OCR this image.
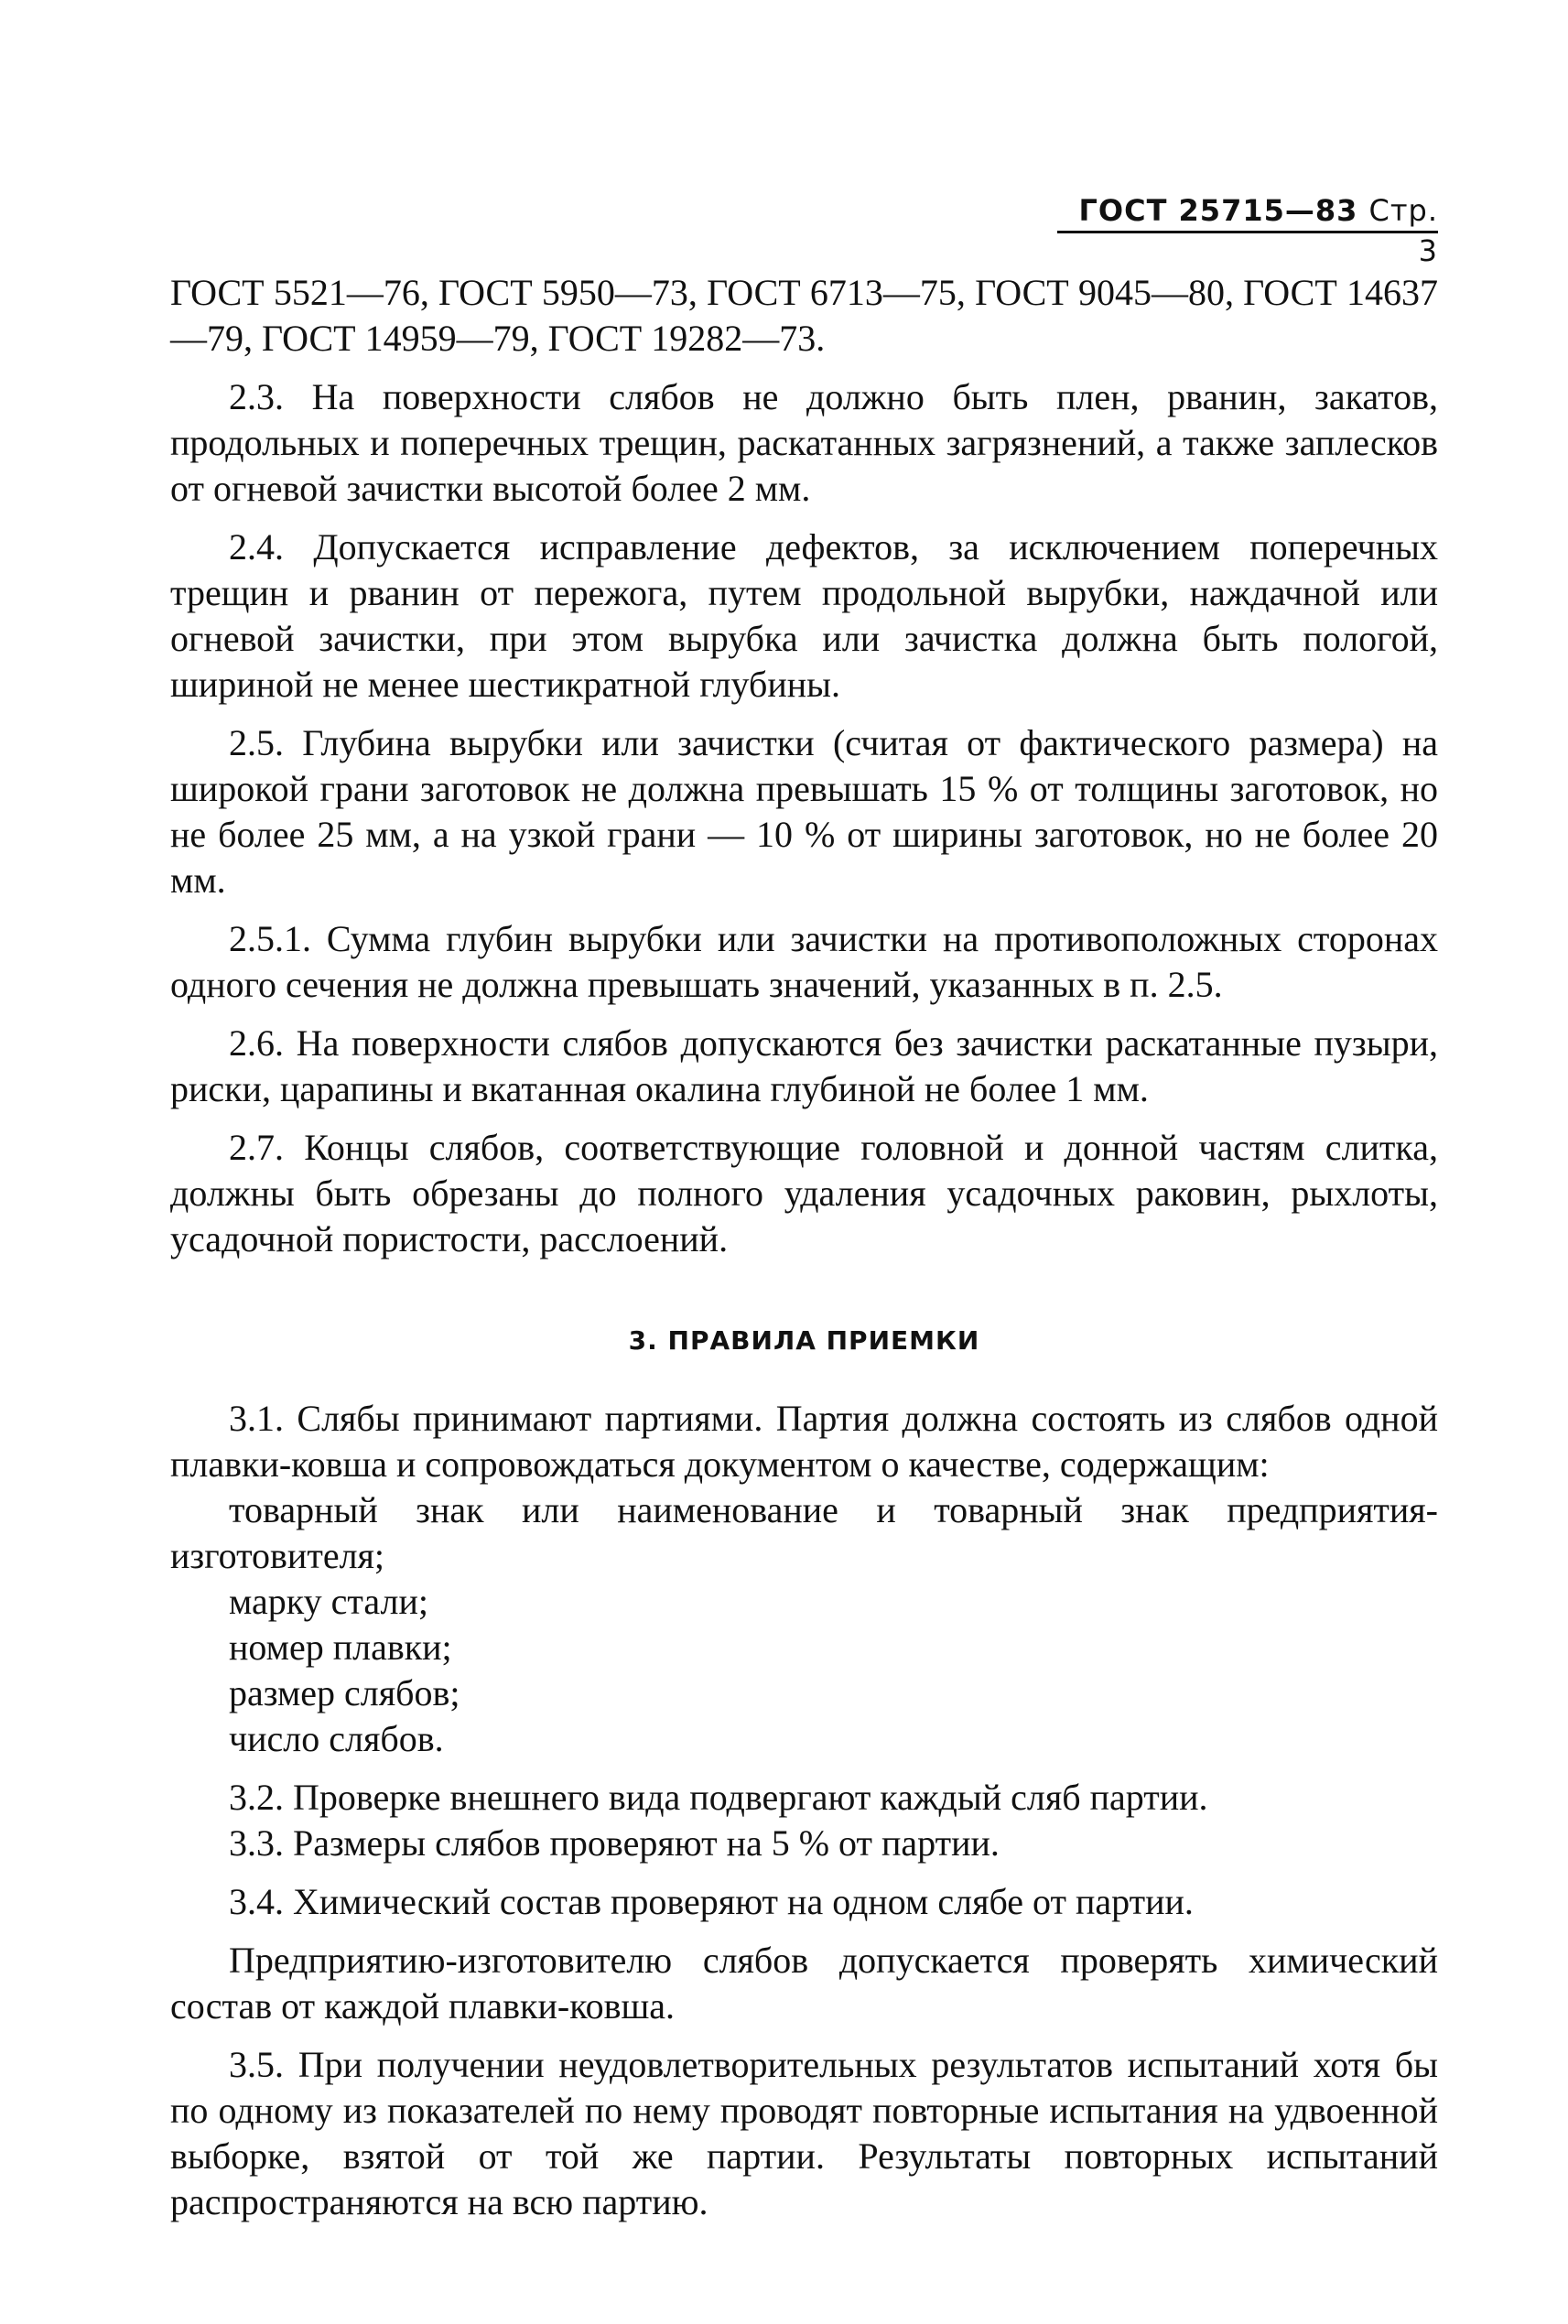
ГОСТ 25715—83 Стр. 3

ГОСТ 5521—76, ГОСТ 5950—73, ГОСТ 6713—75, ГОСТ 9045—80, ГОСТ 14637—79, ГОСТ 14959—79, ГОСТ 19282—73.

2.3. На поверхности слябов не должно быть плен, рванин, закатов, продольных и поперечных трещин, раскатанных загрязнений, а также заплесков от огневой зачистки высотой более 2 мм.

2.4. Допускается исправление дефектов, за исключением поперечных трещин и рванин от пережога, путем продольной вырубки, наждачной или огневой зачистки, при этом вырубка или зачистка должна быть пологой, шириной не менее шестикратной глубины.

2.5. Глубина вырубки или зачистки (считая от фактического размера) на широкой грани заготовок не должна превышать 15 % от толщины заготовок, но не более 25 мм, а на узкой грани — 10 % от ширины заготовок, но не более 20 мм.

2.5.1. Сумма глубин вырубки или зачистки на противоположных сторонах одного сечения не должна превышать значений, указанных в п. 2.5.

2.6. На поверхности слябов допускаются без зачистки раскатанные пузыри, риски, царапины и вкатанная окалина глубиной не более 1 мм.

2.7. Концы слябов, соответствующие головной и донной частям слитка, должны быть обрезаны до полного удаления усадочных раковин, рыхлоты, усадочной пористости, расслоений.

3. ПРАВИЛА ПРИЕМКИ

3.1. Слябы принимают партиями. Партия должна состоять из слябов одной плавки-ковша и сопровождаться документом о качестве, содержащим:

товарный знак или наименование и товарный знак предприятия-изготовителя;

марку стали;

номер плавки;

размер слябов;

число слябов.

3.2. Проверке внешнего вида подвергают каждый сляб партии.

3.3. Размеры слябов проверяют на 5 % от партии.

3.4. Химический состав проверяют на одном слябе от партии.

Предприятию-изготовителю слябов допускается проверять химический состав от каждой плавки-ковша.

3.5. При получении неудовлетворительных результатов испытаний хотя бы по одному из показателей по нему проводят повторные испытания на удвоенной выборке, взятой от той же партии. Результаты повторных испытаний распространяются на всю партию.
